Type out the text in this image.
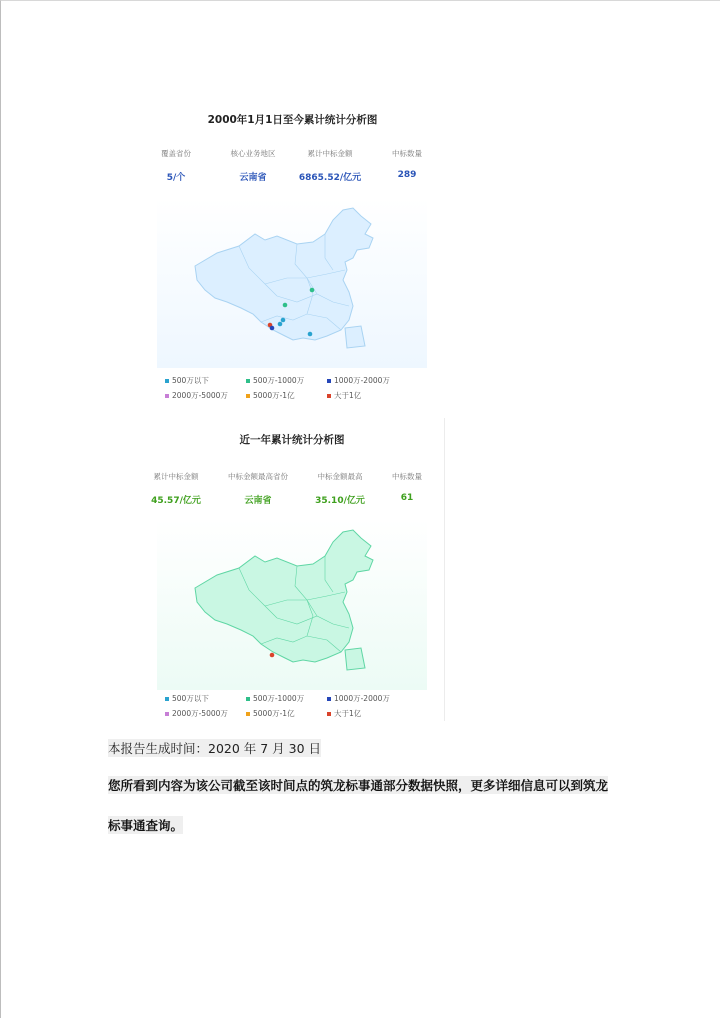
2000年1月1日至今累计统计分析图
覆盖省份
5/个
核心业务地区
云南省
累计中标金额
6865.52/亿元
中标数量
289
500万以下	500万-1000万	1000万-2000万
2000万-5000万	5000万-1亿	大于1亿
近一年累计统计分析图
累计中标金额
45.57/亿元
中标金额最高省份
云南省
中标金额最高
35.10/亿元
中标数量
61
500万以下	500万-1000万	1000万-2000万
2000万-5000万	5000万-1亿	大于1亿
本报告生成时间：2020 年 7 月 30 日
您所看到内容为该公司截至该时间点的筑龙标事通部分数据快照，更多详细信息可以到筑龙
标事通查询。
